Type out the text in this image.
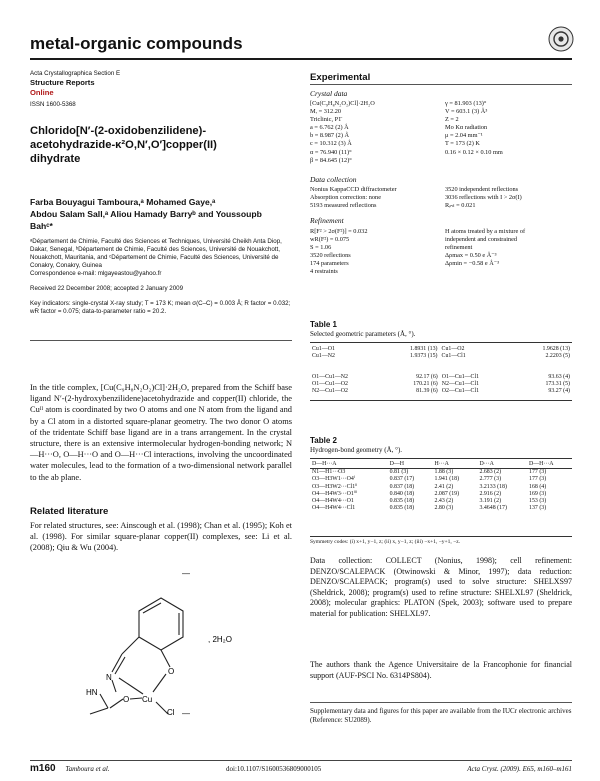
metal-organic compounds
Acta Crystallographica Section E
Structure Reports
Online
ISSN 1600-5368
Chlorido[N′-(2-oxidobenzilidene)-
acetohydrazide-κ²O,N′,O′]copper(II)
dihydrate
Farba Bouyagui Tamboura,ᵃ Mohamed Gaye,ᵃ
Abdou Salam Sall,ᵃ Aliou Hamady Barryᵇ and Youssoupb
Bahᶜ*
ᵃDépartement de Chimie, Faculté des Sciences et Techniques, Université Cheikh Anta Diop, Dakar, Senegal, ᵇDépartement de Chimie, Faculté des Sciences, Université de Nouakchott, Nouakchott, Mauritania, and ᶜDépartement de Chimie, Faculté des Sciences, Université de Conakry, Conakry, Guinea
Correspondence e-mail: mlgayeastou@yahoo.fr
Received 22 December 2008; accepted 2 January 2009
Key indicators: single-crystal X-ray study; T = 173 K; mean σ(C–C) = 0.003 Å; R factor = 0.032; wR factor = 0.075; data-to-parameter ratio = 20.2.
In the title complex, [Cu(C₉H₈N₂O₂)Cl]·2H₂O, prepared from the Schiff base ligand N′-(2-hydroxybenzilidene)acetohydrazide and copper(II) chloride, the Cuᴵᴵ atom is coordinated by two O atoms and one N atom from the ligand and by a Cl atom in a distorted square-planar geometry. The two donor O atoms of the tridentate Schiff base ligand are in a trans arrangement. In the crystal structure, there is an extensive intermolecular hydrogen-bonding network; N—H···O, O—H···O and O—H···Cl interactions, involving the uncoordinated water molecules, lead to the formation of a two-dimensional network parallel to the ab plane.
Related literature
For related structures, see: Ainscough et al. (1998); Chan et al. (1995); Koh et al. (1998). For similar square-planar copper(II) complexes, see: Li et al. (2008); Qiu & Wu (2004).
N
O
HN
O Cu
Cl
, 2H₂O
—
—
Experimental
Crystal data
[Cu(C₉H₈N₂O₂)Cl]·2H₂O	γ = 81.903 (13)°
Mᵣ = 312.20	V = 603.1 (3) Å³
Triclinic, P1̄	Z = 2
a = 6.762 (2) Å	Mo Kα radiation
b = 8.987 (2) Å	μ = 2.04 mm⁻¹
c = 10.312 (3) Å	T = 173 (2) K
α = 76.940 (11)°	0.16 × 0.12 × 0.10 mm
β = 84.645 (12)°
Data collection
Nonius KappaCCD diffractometer	3520 independent reflections
Absorption correction: none	3036 reflections with I > 2σ(I)
5193 measured reflections	Rᵢₙₜ = 0.021
Refinement
R[F² > 2σ(F²)] = 0.032
wR(F²) = 0.075
S = 1.06
3520 reflections
174 parameters
4 restraints
H atoms treated by a mixture of
independent and constrained
refinement
Δρmax = 0.50 e Å⁻³
Δρmin = −0.58 e Å⁻³
Table 1
Selected geometric parameters (Å, °).
Cu1—O1	1.8931 (13)	Cu1—O2	1.9628 (13)
Cu1—N2	1.9373 (15)	Cu1—Cl1	2.2203 (5)
O1—Cu1—N2	92.17 (6)	O1—Cu1—Cl1	93.63 (4)
O1—Cu1—O2	170.21 (6)	N2—Cu1—Cl1	173.31 (5)
N2—Cu1—O2	81.39 (6)	O2—Cu1—Cl1	93.27 (4)
Table 2
Hydrogen-bond geometry (Å, °).
D—H···A	D—H	H···A	D···A	D—H···A
N1—H1···O3	0.81 (3)	1.88 (3)	2.683 (2)	177 (3)
O3—H3W1···O4ⁱ	0.837 (17)	1.941 (18)	2.777 (3)	177 (3)
O3—H3W2···Cl1ⁱⁱ	0.837 (18)	2.41 (2)	3.2133 (18)	168 (4)
O4—H4W3···O1ⁱⁱⁱ	0.840 (18)	2.087 (19)	2.916 (2)	169 (3)
O4—H4W4···O1	0.835 (18)	2.43 (2)	3.191 (2)	153 (3)
O4—H4W4···Cl1	0.835 (18)	2.80 (3)	3.4648 (17)	137 (3)
Symmetry codes: (i) x+1, y−1, z; (ii) x, y−1, z; (iii) −x+1, −y+1, −z.
Data collection: COLLECT (Nonius, 1998); cell refinement: DENZO/SCALEPACK (Otwinowski & Minor, 1997); data reduction: DENZO/SCALEPACK; program(s) used to solve structure: SHELXS97 (Sheldrick, 2008); program(s) used to refine structure: SHELXL97 (Sheldrick, 2008); molecular graphics: PLATON (Spek, 2003); software used to prepare material for publication: SHELXL97.
The authors thank the Agence Universitaire de la Francophonie for financial support (AUF-PSCI No. 6314PS804).
Supplementary data and figures for this paper are available from the IUCr electronic archives (Reference: SU2089).
m160 Tamboura et al.	doi:10.1107/S1600536809000105	Acta Cryst. (2009). E65, m160–m161
